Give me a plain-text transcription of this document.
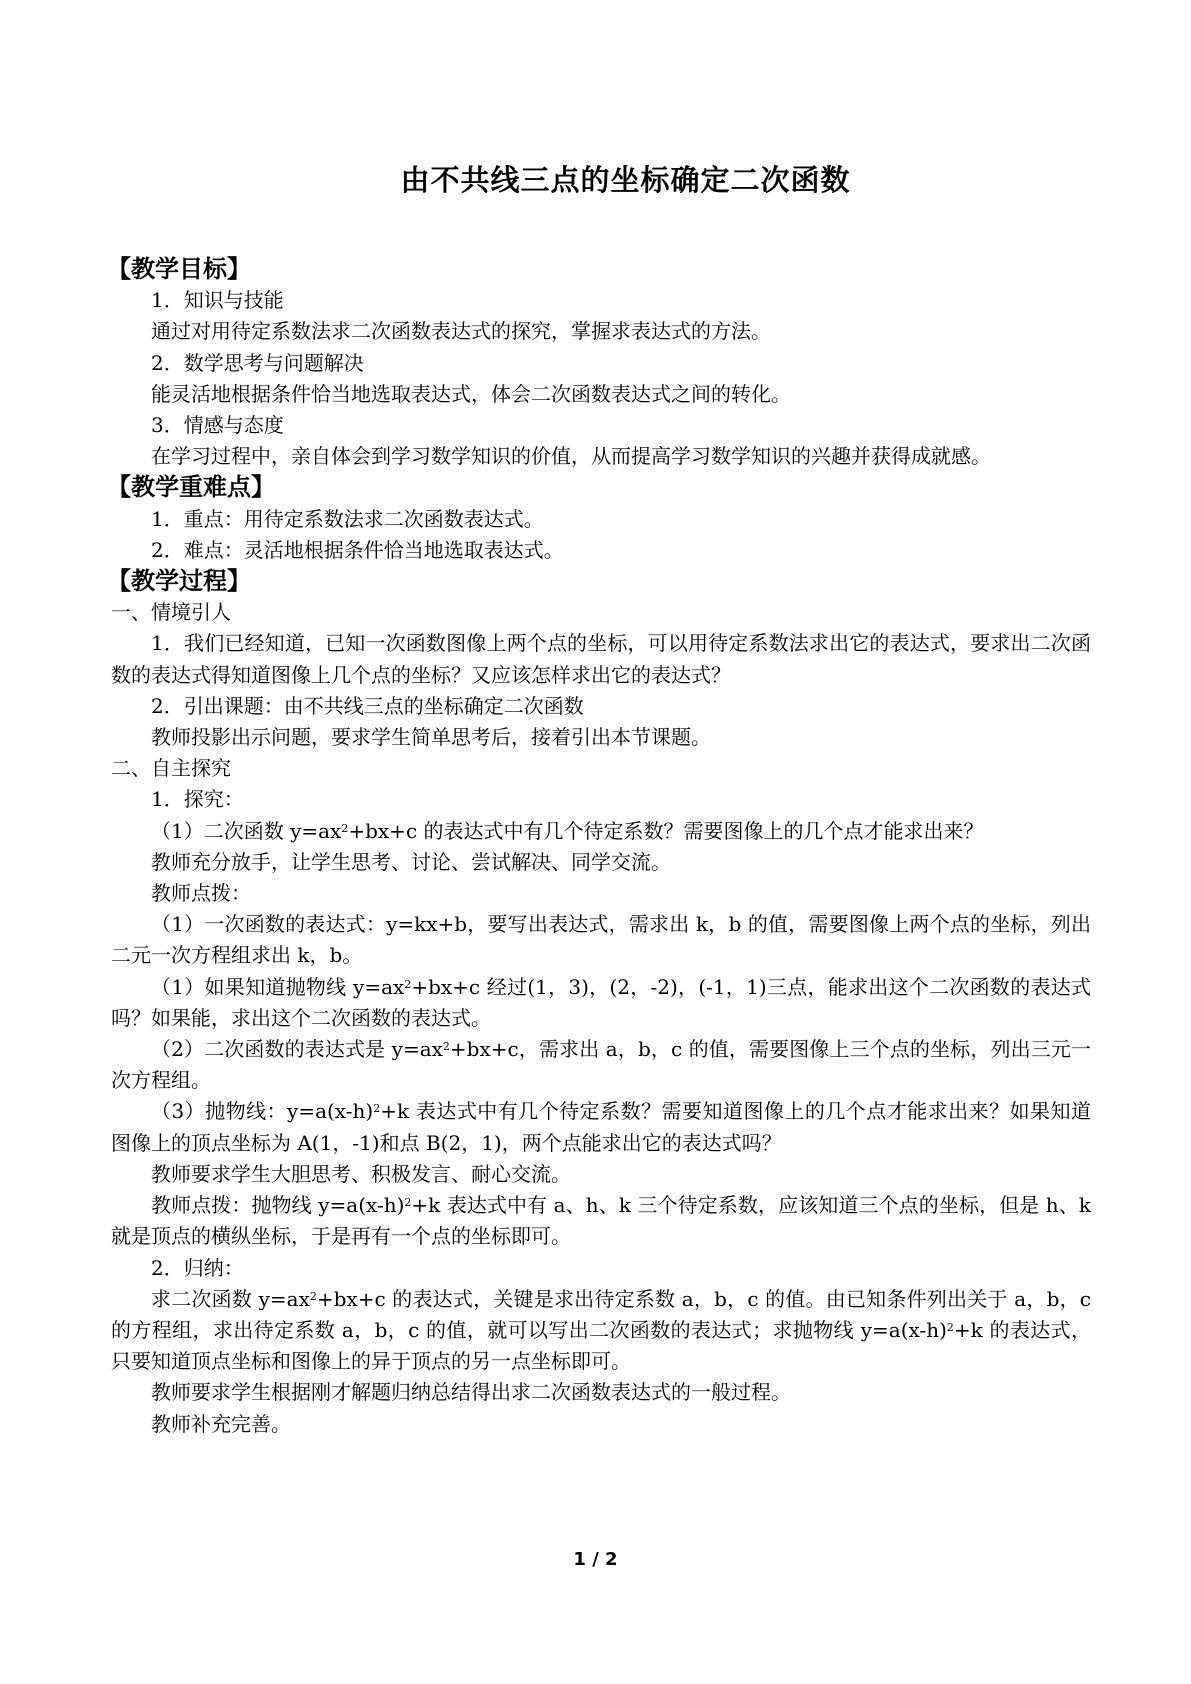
由不共线三点的坐标确定二次函数

【教学目标】

1．知识与技能

通过对用待定系数法求二次函数表达式的探究，掌握求表达式的方法。

2．数学思考与问题解决

能灵活地根据条件恰当地选取表达式，体会二次函数表达式之间的转化。

3．情感与态度

在学习过程中，亲自体会到学习数学知识的价值，从而提高学习数学知识的兴趣并获得成就感。

【教学重难点】

1．重点：用待定系数法求二次函数表达式。

2．难点：灵活地根据条件恰当地选取表达式。

【教学过程】

一、情境引人

1．我们已经知道，已知一次函数图像上两个点的坐标，可以用待定系数法求出它的表达式，要求出二次函数的表达式得知道图像上几个点的坐标？又应该怎样求出它的表达式？

2．引出课题：由不共线三点的坐标确定二次函数

教师投影出示问题，要求学生简单思考后，接着引出本节课题。

二、自主探究

1．探究：

（1）二次函数 $y=ax^2+bx+c$ 的表达式中有几个待定系数？需要图像上的几个点才能求出来？

教师充分放手，让学生思考、讨论、尝试解决、同学交流。

教师点拨：

（1）一次函数的表达式：y=kx+b，要写出表达式，需求出 k，b 的值，需要图像上两个点的坐标，列出二元一次方程组求出 k，b。

（1）如果知道抛物线 $y=ax^2+bx+c$ 经过(1，3)，(2，-2)，(-1，1)三点，能求出这个二次函数的表达式吗？如果能，求出这个二次函数的表达式。

（2）二次函数的表达式是 $y=ax^2+bx+c$，需求出 a，b，c 的值，需要图像上三个点的坐标，列出三元一次方程组。

（3）抛物线：$y=a(x-h)^2+k$ 表达式中有几个待定系数？需要知道图像上的几个点才能求出来？如果知道图像上的顶点坐标为 A(1，-1)和点 B(2，1)，两个点能求出它的表达式吗？

教师要求学生大胆思考、积极发言、耐心交流。

教师点拨：抛物线 $y=a(x-h)^2+k$ 表达式中有 a、h、k 三个待定系数，应该知道三个点的坐标，但是 h、k 就是顶点的横纵坐标，于是再有一个点的坐标即可。

2．归纳：

求二次函数 $y=ax^2+bx+c$ 的表达式，关键是求出待定系数 a，b，c 的值。由已知条件列出关于 a，b，c 的方程组，求出待定系数 a，b，c 的值，就可以写出二次函数的表达式；求抛物线 $y=a(x-h)^2+k$ 的表达式，只要知道顶点坐标和图像上的异于顶点的另一点坐标即可。

教师要求学生根据刚才解题归纳总结得出求二次函数表达式的一般过程。

教师补充完善。

1 / 2
